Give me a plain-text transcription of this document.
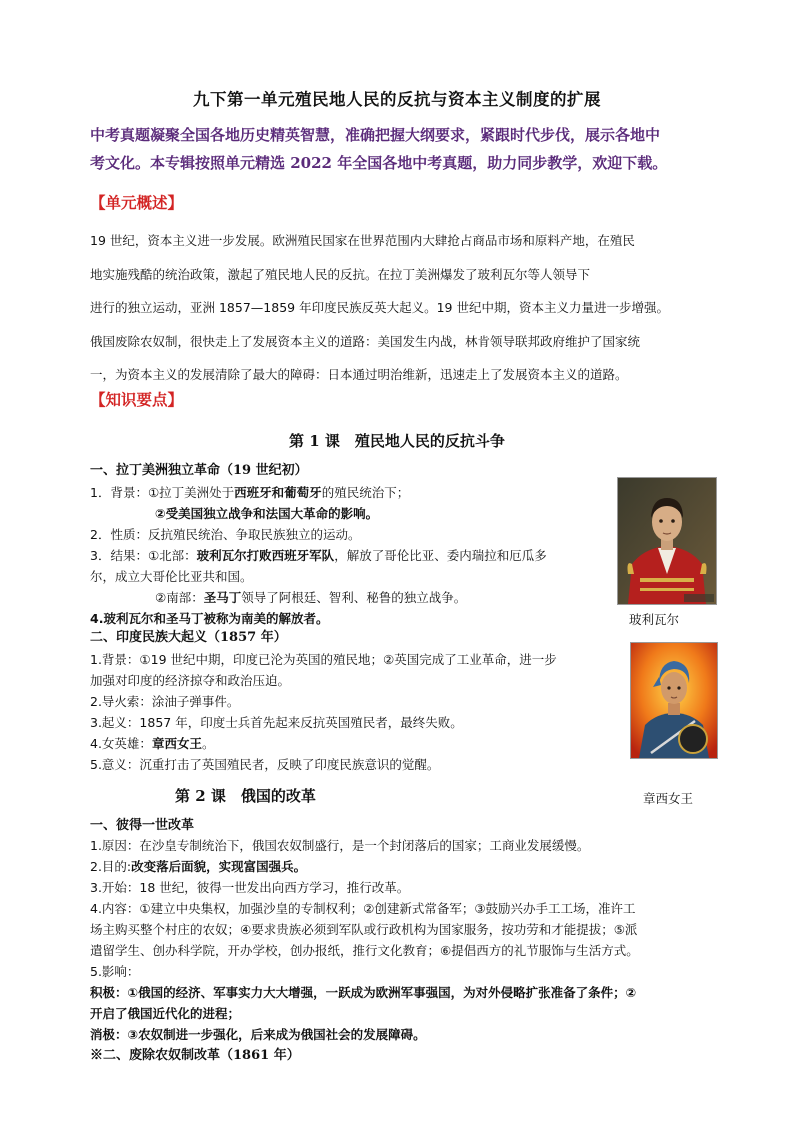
九下第一单元殖民地人民的反抗与资本主义制度的扩展

中考真题凝聚全国各地历史精英智慧，准确把握大纲要求，紧跟时代步伐，展示各地中

考文化。本专辑按照单元精选 2022 年全国各地中考真题，助力同步教学，欢迎下载。

【单元概述】

19 世纪，资本主义进一步发展。欧洲殖民国家在世界范围内大肆抢占商品市场和原料产地，在殖民

地实施残酷的统治政策，激起了殖民地人民的反抗。在拉丁美洲爆发了玻利瓦尔等人领导下

进行的独立运动，亚洲 1857—1859 年印度民族反英大起义。19 世纪中期，资本主义力量进一步增强。

俄国废除农奴制，很快走上了发展资本主义的道路：美国发生内战，林肯领导联邦政府维护了国家统

一，为资本主义的发展清除了最大的障碍：日本通过明治维新，迅速走上了发展资本主义的道路。

【知识要点】
第 1 课　殖民地人民的反抗斗争
一、拉丁美洲独立革命（19 世纪初）
1．背景：①拉丁美洲处于西班牙和葡萄牙的殖民统治下；
②受美国独立战争和法国大革命的影响。
2．性质：反抗殖民统治、争取民族独立的运动。
3．结果：①北部：玻利瓦尔打败西班牙军队，解放了哥伦比亚、委内瑞拉和厄瓜多
尔，成立大哥伦比亚共和国。
②南部：圣马丁领导了阿根廷、智利、秘鲁的独立战争。
4.玻利瓦尔和圣马丁被称为南美的解放者。
二、印度民族大起义（1857 年）
1.背景：①19 世纪中期，印度已沦为英国的殖民地；②英国完成了工业革命，进一步
加强对印度的经济掠夺和政治压迫。
2.导火索：涂油子弹事件。
3.起义：1857 年，印度士兵首先起来反抗英国殖民者，最终失败。
4.女英雄：章西女王。
5.意义：沉重打击了英国殖民者，反映了印度民族意识的觉醒。
玻利瓦尔
章西女王
第 2 课　俄国的改革
一、彼得一世改革
1.原因：在沙皇专制统治下，俄国农奴制盛行，是一个封闭落后的国家；工商业发展缓慢。
2.目的:改变落后面貌，实现富国强兵。
3.开始：18 世纪，彼得一世发出向西方学习，推行改革。
4.内容：①建立中央集权，加强沙皇的专制权利；②创建新式常备军；③鼓励兴办手工工场，准许工
场主购买整个村庄的农奴；④要求贵族必须到军队或行政机构为国家服务，按功劳和才能提拔；⑤派
遣留学生、创办科学院，开办学校，创办报纸，推行文化教育；⑥提倡西方的礼节服饰与生活方式。
5.影响：
积极：①俄国的经济、军事实力大大增强，一跃成为欧洲军事强国，为对外侵略扩张准备了条件；②
开启了俄国近代化的进程；
消极：③农奴制进一步强化，后来成为俄国社会的发展障碍。
※二、废除农奴制改革（1861 年）
